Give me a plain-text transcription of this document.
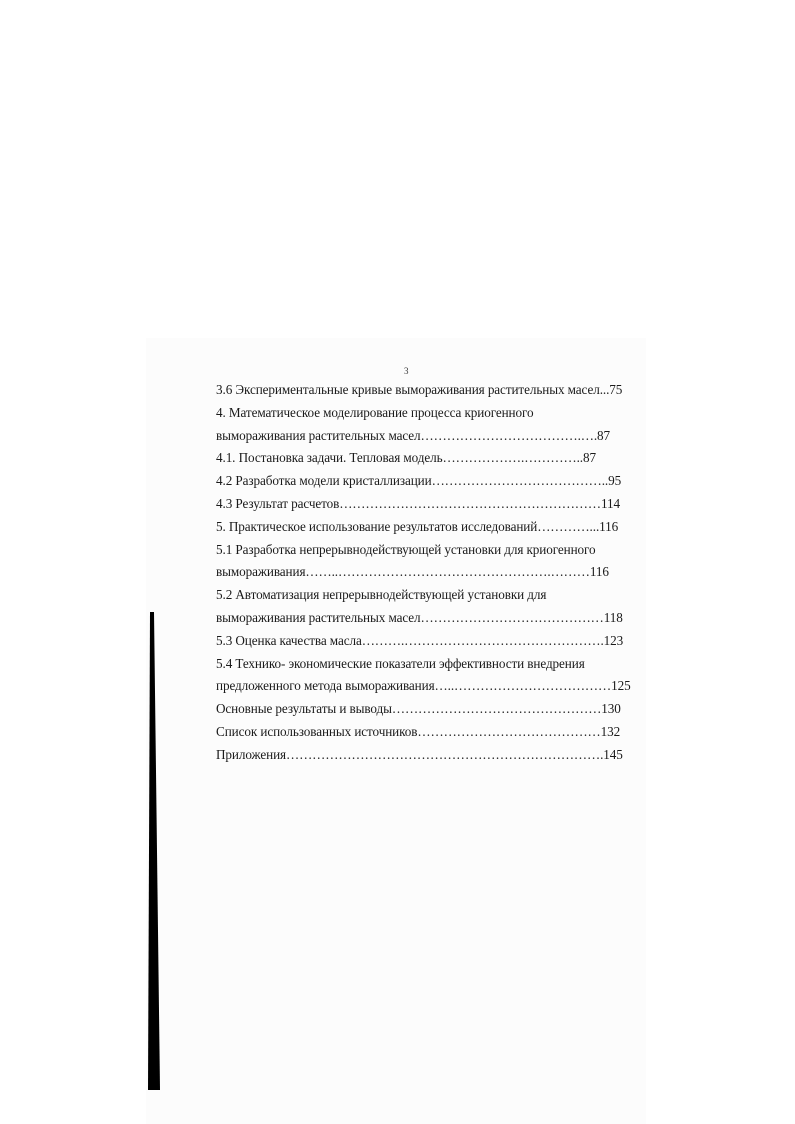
3
3.6 Экспериментальные кривые вымораживания растительных масел...75
4. Математическое моделирование процесса криогенного
вымораживания растительных масел……………………………….….87
4.1. Постановка задачи. Тепловая модель……………….…………..87
4.2 Разработка модели кристаллизации…………………………………..95
4.3 Результат расчетов……………………………………………………114
5. Практическое использование результатов исследований…………...116
5.1 Разработка непрерывнодействующей установки для криогенного
вымораживания……..………………………………………….………116
5.2 Автоматизация непрерывнодействующей установки для
вымораживания растительных масел……………………………………118
5.3 Оценка качества масла……….……………………………………….123
5.4 Технико- экономические показатели эффективности внедрения
предложенного метода вымораживания…..………………………………125
Основные результаты и выводы…………………………………………130
Список использованных источников……………………………………132
Приложения……………………………………………………………….145
